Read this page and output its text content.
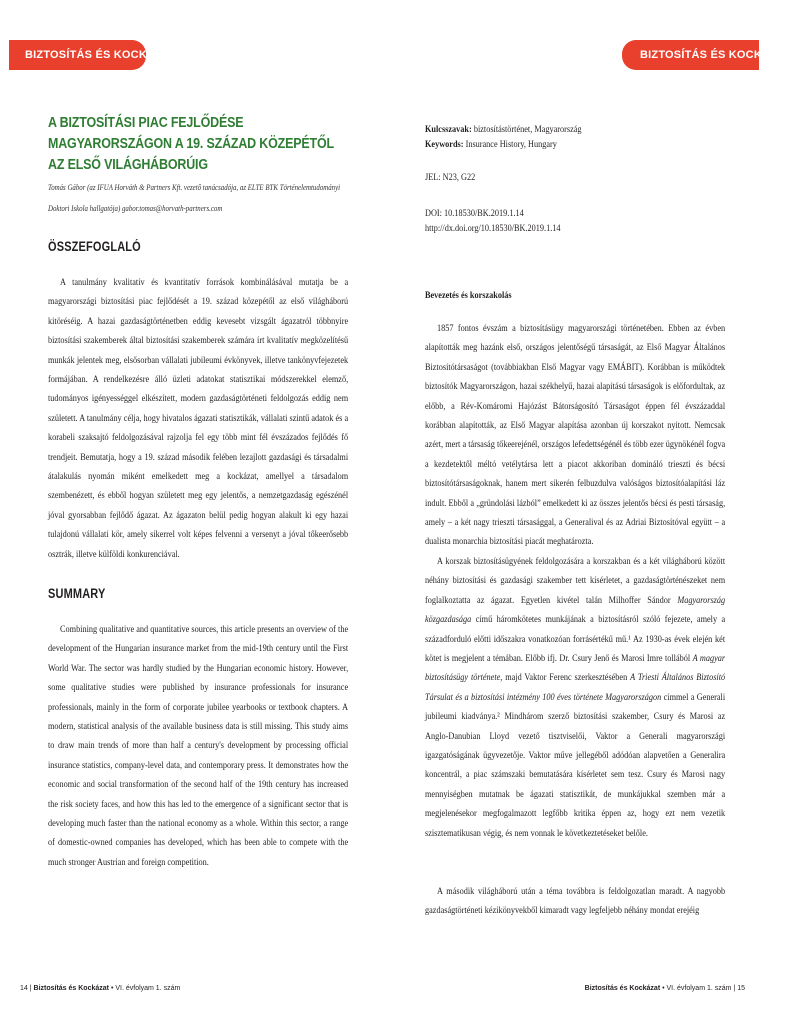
BIZTOSÍTÁS ÉS KOCKÁZAT	BIZTOSÍTÁS ÉS KOCKÁZAT
A BIZTOSÍTÁSI PIAC FEJLŐDÉSE MAGYARORSZÁGON A 19. SZÁZAD KÖZEPÉTŐL AZ ELSŐ VILÁGHÁBORÚIG

Tomás Gábor (az IFUA Horváth & Partners Kft. vezető tanácsadója, az ELTE BTK Történelemtudományi Doktori Iskola hallgatója) gabor.tomas@horvath-partners.com

ÖSSZEFOGLALÓ

A tanulmány kvalitatív és kvantitatív források kombinálásával mutatja be a magyarországi biztosítási piac fejlődését a 19. század közepétől az első világháború kitöréséig. A hazai gazdaságtörténetben eddig kevesebt vizsgált ágazatról többnyire biztosítási szakemberek által biztosítási szakemberek számára írt kvalitatív megközelítésű munkák jelentek meg, elsősorban vállalati jubileumi évkönyvek, illetve tankönyvfejezetek formájában. A rendelkezésre álló üzleti adatokat statisztikai módszerekkel elemző, tudományos igényességgel elkészített, modern gazdaságtörténeti feldolgozás eddig nem született. A tanulmány célja, hogy hivatalos ágazati statisztikák, vállalati szintű adatok és a korabeli szaksajtó feldolgozásával rajzolja fel egy több mint fél évszázados fejlődés fő trendjeit. Bemutatja, hogy a 19. század második felében lezajlott gazdasági és társadalmi átalakulás nyomán miként emelkedett meg a kockázat, amellyel a társadalom szembenézett, és ebből hogyan született meg egy jelentős, a nemzetgazdaság egészénél jóval gyorsabban fejlődő ágazat. Az ágazaton belül pedig hogyan alakult ki egy hazai tulajdonú vállalati kör, amely sikerrel volt képes felvenni a versenyt a jóval tőkeerősebb osztrák, illetve külföldi konkurenciával.

SUMMARY

Combining qualitative and quantitative sources, this article presents an overview of the development of the Hungarian insurance market from the mid-19th century until the First World War. The sector was hardly studied by the Hungarian economic history. However, some qualitative studies were published by insurance professionals for insurance professionals, mainly in the form of corporate jubilee yearbooks or textbook chapters. A modern, statistical analysis of the available business data is still missing. This study aims to draw main trends of more than half a century's development by processing official insurance statistics, company-level data, and contemporary press. It demonstrates how the economic and social transformation of the second half of the 19th century has increased the risk society faces, and how this has led to the emergence of a significant sector that is developing much faster than the national economy as a whole. Within this sector, a range of domestic-owned companies has developed, which has been able to compete with the much stronger Austrian and foreign competition.

Kulcsszavak: biztosítástörténet, Magyarország
Keywords: Insurance History, Hungary
JEL: N23, G22
DOI: 10.18530/BK.2019.1.14
http://dx.doi.org/10.18530/BK.2019.1.14
Bevezetés és korszakolás

1857 fontos évszám a biztosításügy magyarországi történetében. Ebben az évben alapították meg hazánk első, országos jelentőségű társaságát, az Első Magyar Általános Biztosítótársaságot (továbbiakban Első Magyar vagy EMÁBIT). Korábban is működtek biztosítók Magyarországon, hazai székhelyű, hazai alapítású társaságok is előfordultak, az előbb, a Rév-Komáromi Hajózást Bátorságosító Társaságot éppen fél évszázaddal korábban alapították, az Első Magyar alapítása azonban új korszakot nyitott. Nemcsak azért, mert a társaság tőkeerejénél, országos lefedettségénél és több ezer ügynökénél fogva a kezdetektől méltó vetélytársa lett a piacot akkoriban domináló trieszti és bécsi biztosítótársaságoknak, hanem mert sikerén felbuzdulva valóságos biztosítóalapítási láz indult. Ebből a „gründolási lázból” emelkedett ki az összes jelentős bécsi és pesti társaság, amely – a két nagy trieszti társasággal, a Generalival és az Adriai Biztosítóval együtt – a dualista monarchia biztosítási piacát meghatározta.

A korszak biztosításügyének feldolgozására a korszakban és a két világháború között néhány biztosítási és gazdasági szakember tett kísérletet, a gazdaságtörténészeket nem foglalkoztatta az ágazat. Egyetlen kivétel talán Milhoffer Sándor Magyarország közgazdasága című háromkötetes munkájának a biztosításról szóló fejezete, amely a századforduló előtti időszakra vonatkozóan forrásértékű mű.¹ Az 1930-as évek elején két kötet is megjelent a témában. Előbb ifj. Dr. Csury Jenő és Marosi Imre tollából A magyar biztosításügy története, majd Vaktor Ferenc szerkesztésében A Triesti Általános Biztosító Társulat és a biztosítási intézmény 100 éves története Magyarországon címmel a Generali jubileumi kiadványa.² Mindhárom szerző biztosítási szakember, Csury és Marosi az Anglo-Danubian Lloyd vezető tisztviselői, Vaktor a Generali magyarországi igazgatóságának ügyvezetője. Vaktor műve jellegéből adódóan alapvetően a Generalira koncentrál, a piac számszaki bemutatására kísérletet sem tesz. Csury és Marosi nagy mennyiségben mutatnak be ágazati statisztikát, de munkájukkal szemben már a megjelenésekor megfogalmazott legfőbb kritika éppen az, hogy ezt nem vezetik szisztematikusan végig, és nem vonnak le következtetéseket belőle.

A második világháború után a téma továbbra is feldolgozatlan maradt. A nagyobb gazdaságtörténeti kézikönyvekből kimaradt vagy legfeljebb néhány mondat erejéig

14 | Biztosítás és Kockázat • VI. évfolyam 1. szám	Biztosítás és Kockázat • VI. évfolyam 1. szám | 15
